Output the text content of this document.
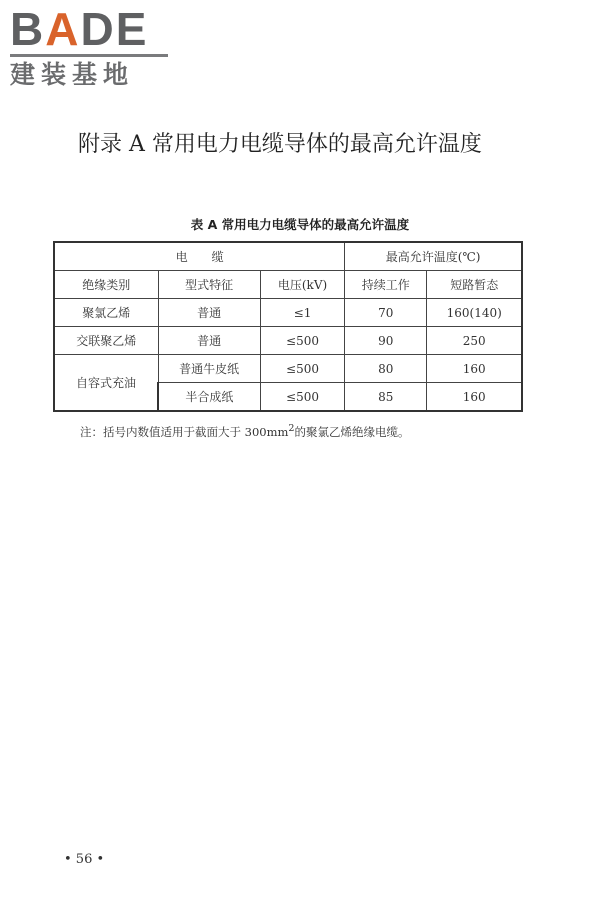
BADE
建装基地
附录 A 常用电力电缆导体的最高允许温度
表 A 常用电力电缆导体的最高允许温度
电　　缆			最高允许温度(℃)	
绝缘类别	型式特征	电压(kV)	持续工作	短路暂态
聚氯乙烯	普通	≤1	70	160(140)
交联聚乙烯	普通	≤500	90	250
自容式充油	普通牛皮纸	≤500	80	160
	半合成纸	≤500	85	160
注：括号内数值适用于截面大于 $300mm^2$的聚氯乙烯绝缘电缆。
• 56 •
